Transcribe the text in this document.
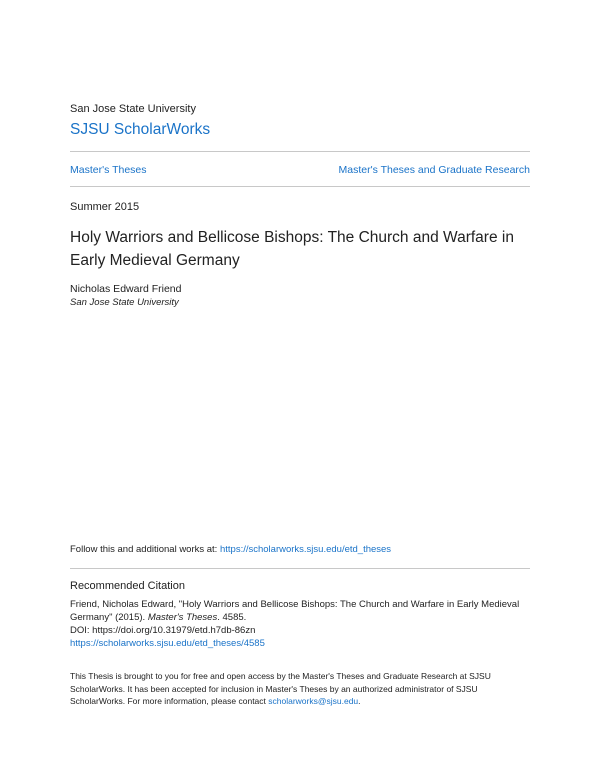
San Jose State University
SJSU ScholarWorks
Master's Theses	Master's Theses and Graduate Research
Summer 2015
Holy Warriors and Bellicose Bishops: The Church and Warfare in
Early Medieval Germany
Nicholas Edward Friend
San Jose State University
Follow this and additional works at: https://scholarworks.sjsu.edu/etd_theses
Recommended Citation
Friend, Nicholas Edward, "Holy Warriors and Bellicose Bishops: The Church and Warfare in Early Medieval
Germany" (2015). Master's Theses. 4585.
DOI: https://doi.org/10.31979/etd.h7db-86zn
https://scholarworks.sjsu.edu/etd_theses/4585
This Thesis is brought to you for free and open access by the Master's Theses and Graduate Research at SJSU
ScholarWorks. It has been accepted for inclusion in Master's Theses by an authorized administrator of SJSU
ScholarWorks. For more information, please contact scholarworks@sjsu.edu.
